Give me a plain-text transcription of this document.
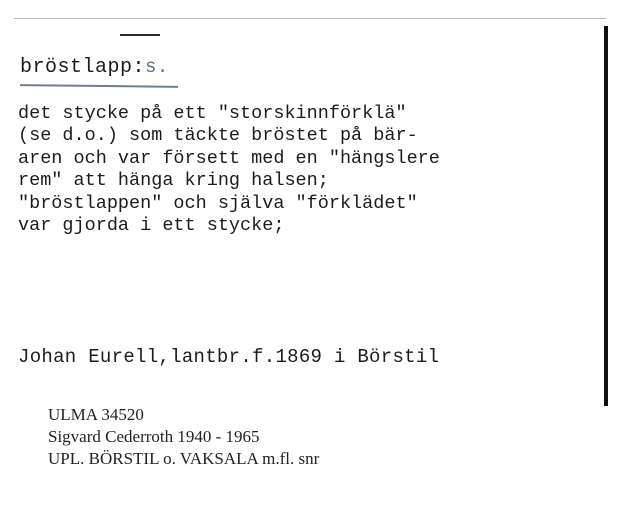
bröstlapp:s.
det stycke på ett "storskinnförklä"
(se d.o.) som täckte bröstet på bär-
aren och var försett med en "hängslere
rem" att hänga kring halsen;
"bröstlappen" och själva "förklädet"
var gjorda i ett stycke;
Johan Eurell,lantbr.f.1869 i Börstil
ULMA 34520
Sigvard Cederroth 1940 - 1965
UPL. BÖRSTIL o. VAKSALA m.fl. snr
